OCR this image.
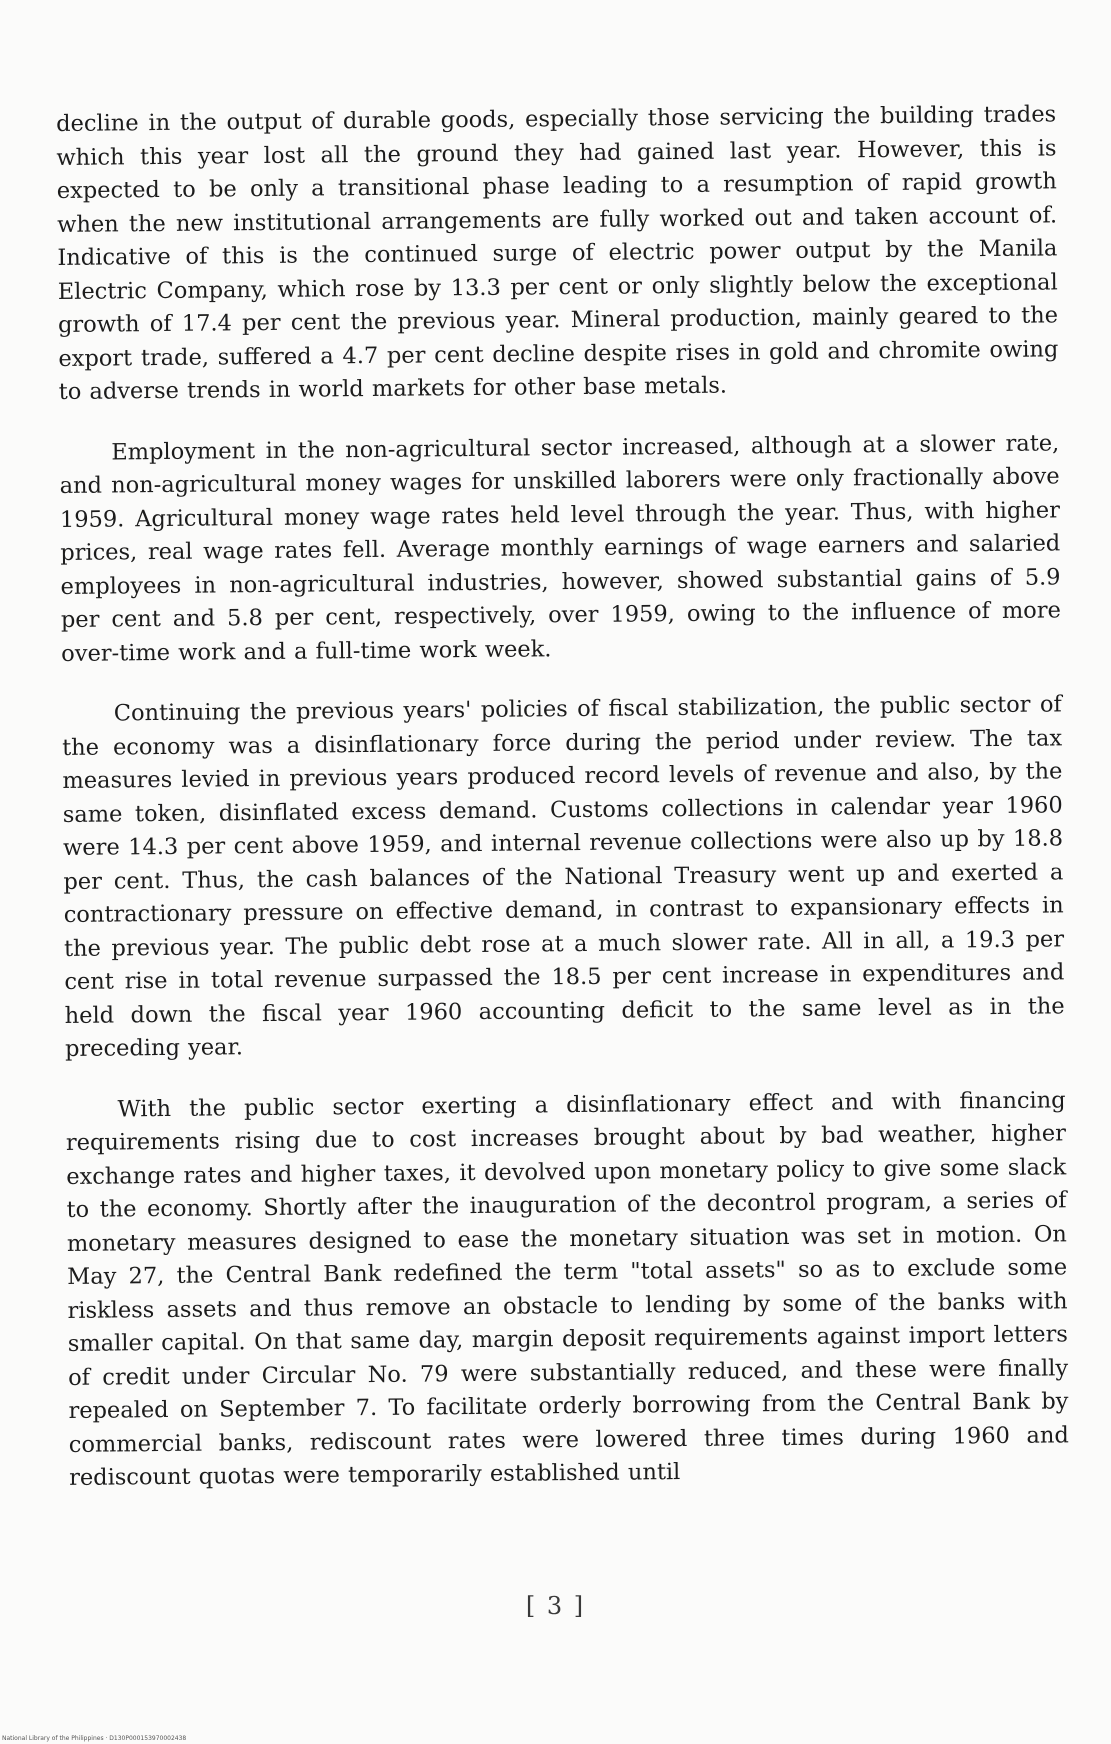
decline in the output of durable goods, especially those servicing the building trades which this year lost all the ground they had gained last year. However, this is expected to be only a transitional phase leading to a resumption of rapid growth when the new institutional arrangements are fully worked out and taken account of. Indicative of this is the continued surge of electric power output by the Manila Electric Company, which rose by 13.3 per cent or only slightly below the exceptional growth of 17.4 per cent the previous year. Mineral production, mainly geared to the export trade, suffered a 4.7 per cent decline despite rises in gold and chromite owing to adverse trends in world markets for other base metals.

Employment in the non-agricultural sector increased, although at a slower rate, and non-agricultural money wages for unskilled laborers were only fractionally above 1959. Agricultural money wage rates held level through the year. Thus, with higher prices, real wage rates fell. Average monthly earnings of wage earners and salaried employees in non-agricultural industries, however, showed substantial gains of 5.9 per cent and 5.8 per cent, respectively, over 1959, owing to the influence of more over-time work and a full-time work week.

Continuing the previous years' policies of fiscal stabilization, the public sector of the economy was a disinflationary force during the period under review. The tax measures levied in previous years produced record levels of revenue and also, by the same token, disinflated excess demand. Customs collections in calendar year 1960 were 14.3 per cent above 1959, and internal revenue collections were also up by 18.8 per cent. Thus, the cash balances of the National Treasury went up and exerted a contractionary pressure on effective demand, in contrast to expansionary effects in the previous year. The public debt rose at a much slower rate. All in all, a 19.3 per cent rise in total revenue surpassed the 18.5 per cent increase in expenditures and held down the fiscal year 1960 accounting deficit to the same level as in the preceding year.

With the public sector exerting a disinflationary effect and with financing requirements rising due to cost increases brought about by bad weather, higher exchange rates and higher taxes, it devolved upon monetary policy to give some slack to the economy. Shortly after the inauguration of the decontrol program, a series of monetary measures designed to ease the monetary situation was set in motion. On May 27, the Central Bank redefined the term "total assets" so as to exclude some riskless assets and thus remove an obstacle to lending by some of the banks with smaller capital. On that same day, margin deposit requirements against import letters of credit under Circular No. 79 were substantially reduced, and these were finally repealed on September 7. To facilitate orderly borrowing from the Central Bank by commercial banks, rediscount rates were lowered three times during 1960 and rediscount quotas were temporarily established until

[ 3 ]
National Library of the Philippines · D130P000153970002438
